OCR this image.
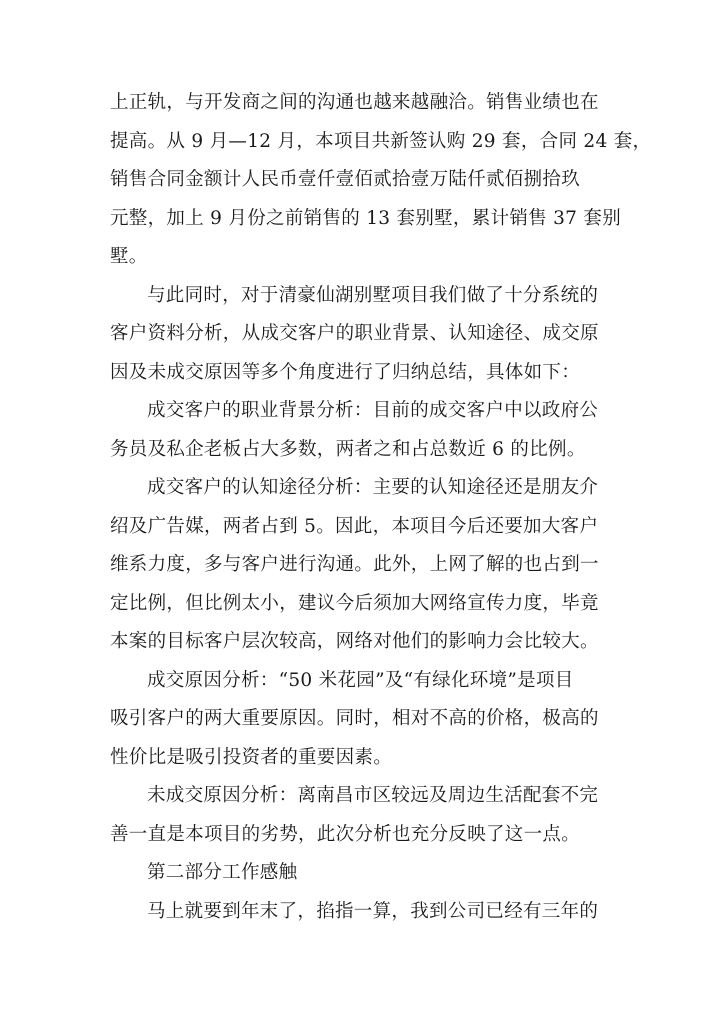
上正轨，与开发商之间的沟通也越来越融洽。销售业绩也在
提高。从 9 月—12 月，本项目共新签认购 29 套，合同 24 套，
销售合同金额计人民币壹仟壹佰贰拾壹万陆仟贰佰捌拾玖
元整，加上 9 月份之前销售的 13 套别墅，累计销售 37 套别
墅。
与此同时，对于清豪仙湖别墅项目我们做了十分系统的
客户资料分析，从成交客户的职业背景、认知途径、成交原
因及未成交原因等多个角度进行了归纳总结，具体如下：
成交客户的职业背景分析：目前的成交客户中以政府公
务员及私企老板占大多数，两者之和占总数近 6 的比例。
成交客户的认知途径分析：主要的认知途径还是朋友介
绍及广告媒，两者占到 5。因此，本项目今后还要加大客户
维系力度，多与客户进行沟通。此外，上网了解的也占到一
定比例，但比例太小，建议今后须加大网络宣传力度，毕竟
本案的目标客户层次较高，网络对他们的影响力会比较大。
成交原因分析：“50 米花园”及“有绿化环境”是项目
吸引客户的两大重要原因。同时，相对不高的价格，极高的
性价比是吸引投资者的重要因素。
未成交原因分析：离南昌市区较远及周边生活配套不完
善一直是本项目的劣势，此次分析也充分反映了这一点。
第二部分工作感触
马上就要到年末了，掐指一算，我到公司已经有三年的
